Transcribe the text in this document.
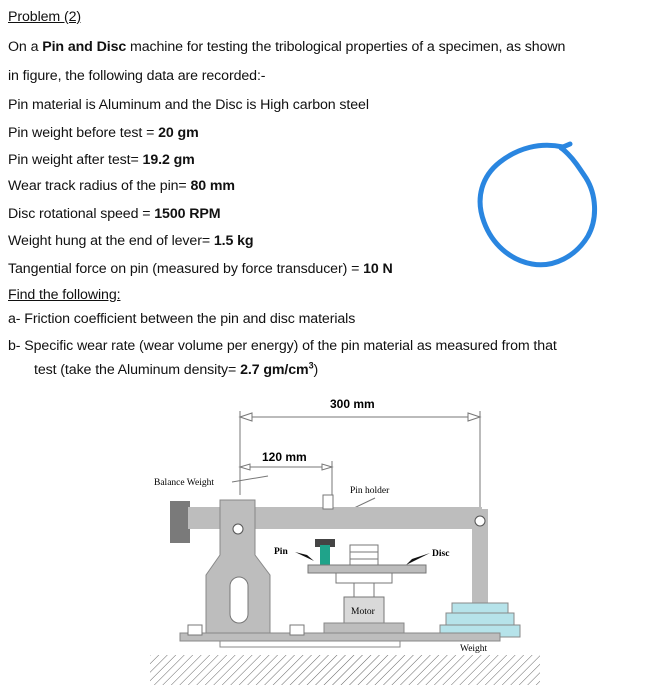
Problem (2)
On a Pin and Disc machine for testing the tribological properties of a specimen, as shown
in figure, the following data are recorded:-
Pin material is Aluminum and the Disc is High carbon steel
Pin weight before test = 20 gm
Pin weight after test= 19.2 gm
Wear track radius of the pin= 80 mm
Disc rotational speed = 1500 RPM
Weight hung at the end of lever= 1.5 kg
Tangential force on pin (measured by force transducer) = 10 N
Find the following:
a- Friction coefficient between the pin and disc materials
b- Specific wear rate (wear volume per energy) of the pin material as measured from that
test (take the Aluminum density= 2.7 $gm/cm^3$)
300 mm
120 mm
Balance Weight
Pin holder
Pin	Disc
Weight
Motor
